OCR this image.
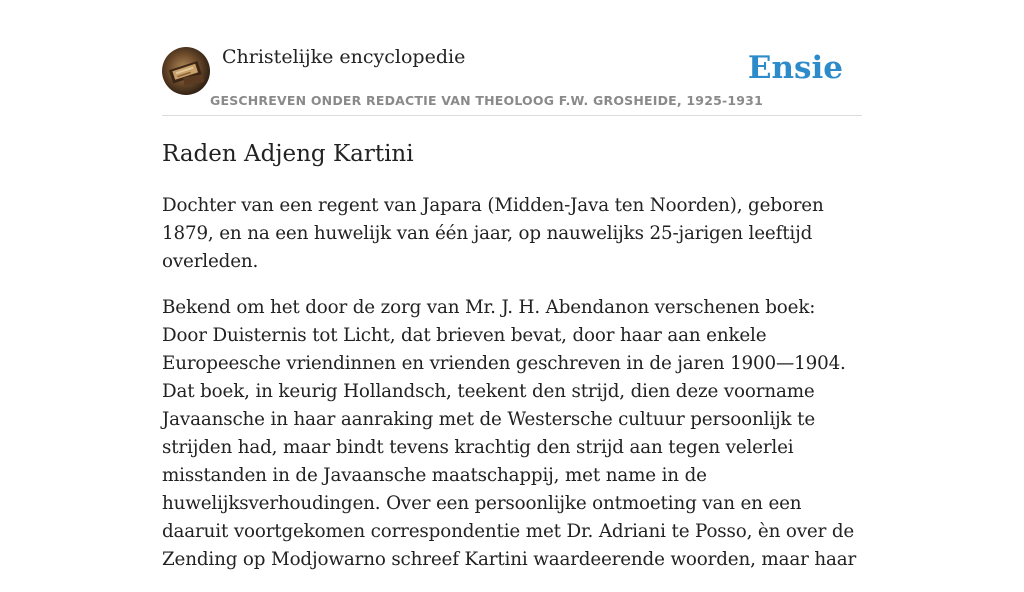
Christelijke encyclopedie
GESCHREVEN ONDER REDACTIE VAN THEOLOOG F.W. GROSHEIDE, 1925-1931
Ensie
Raden Adjeng Kartini

Dochter van een regent van Japara (Midden-Java ten Noorden), geboren 1879, en na een huwelijk van één jaar, op nauwelijks 25-jarigen leeftijd overleden.

Bekend om het door de zorg van Mr. J. H. Abendanon verschenen boek: Door Duisternis tot Licht, dat brieven bevat, door haar aan enkele Europeesche vriendinnen en vrienden geschreven in de jaren 1900—1904. Dat boek, in keurig Hollandsch, teekent den strijd, dien deze voorname Javaansche in haar aanraking met de Westersche cultuur persoonlijk te strijden had, maar bindt tevens krachtig den strijd aan tegen velerlei misstanden in de Javaansche maatschappij, met name in de huwelijksverhoudingen. Over een persoonlijke ontmoeting van en een daaruit voortgekomen correspondentie met Dr. Adriani te Posso, èn over de Zending op Modjowarno schreef Kartini waardeerende woorden, maar haar
